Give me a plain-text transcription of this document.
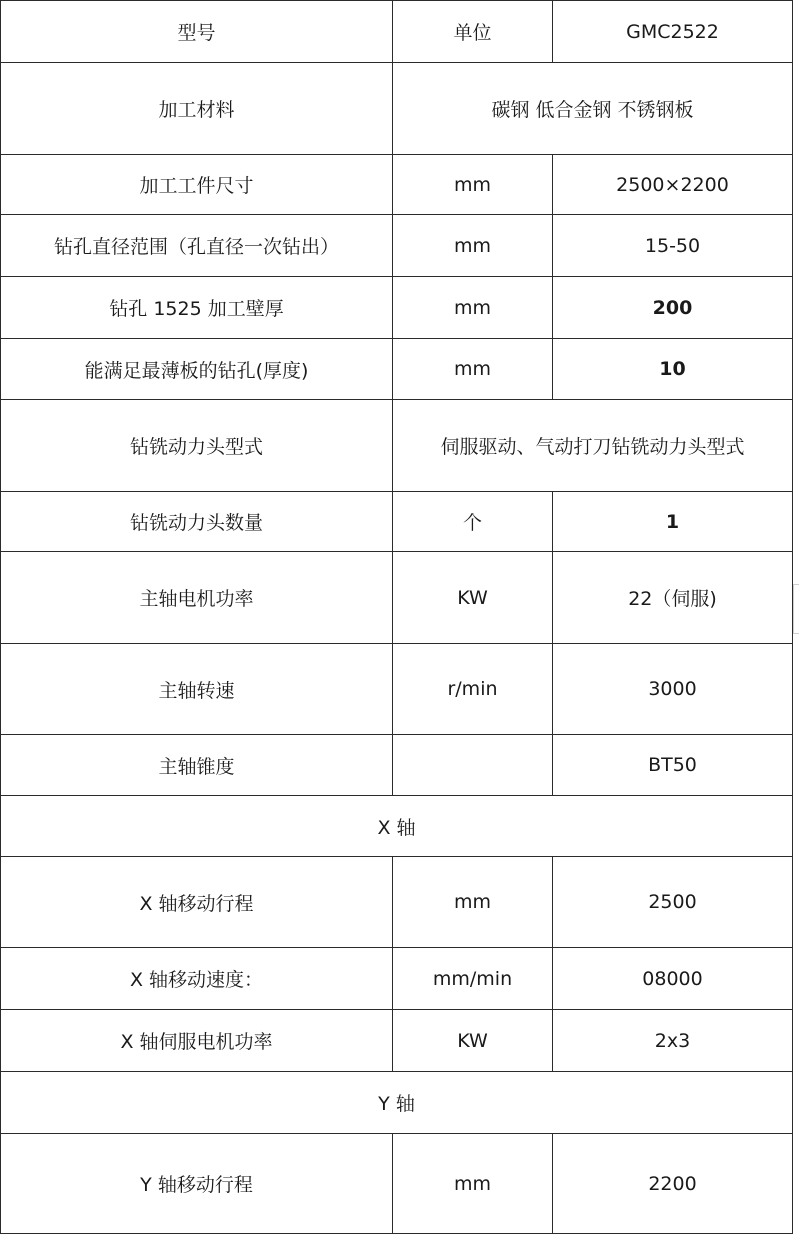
型号	单位	GMC2522
加工材料	碳钢 低合金钢 不锈钢板	
加工工件尺寸	mm	2500×2200
钻孔直径范围（孔直径一次钻出）	mm	15-50
钻孔 1525 加工壁厚	mm	200
能满足最薄板的钻孔(厚度)	mm	10
钻铣动力头型式	伺服驱动、气动打刀钻铣动力头型式	
钻铣动力头数量	个	1
主轴电机功率	KW	22（伺服)
主轴转速	r/min	3000
主轴锥度		BT50
X 轴		
X 轴移动行程	mm	2500
X 轴移动速度：	mm/min	08000
X 轴伺服电机功率	KW	2x3
Y 轴		
Y 轴移动行程	mm	2200
